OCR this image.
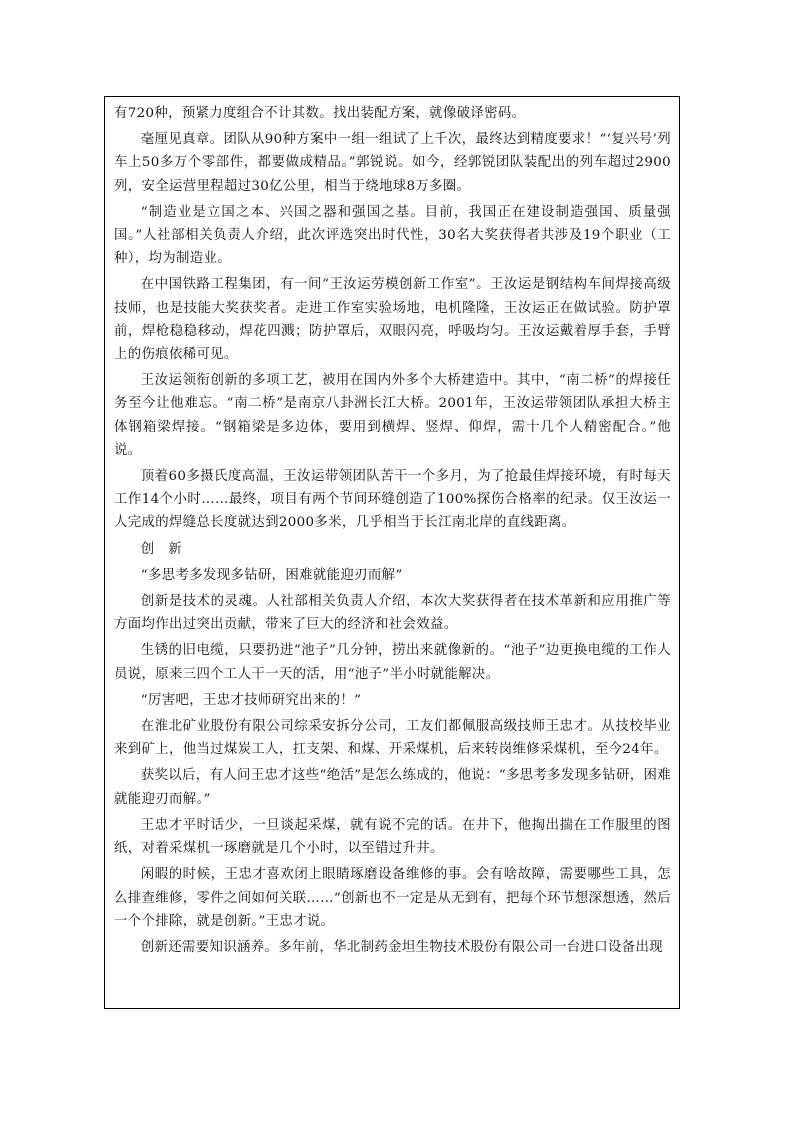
有720种，预紧力度组合不计其数。找出装配方案，就像破译密码。

毫厘见真章。团队从90种方案中一组一组试了上千次，最终达到精度要求！“‘复兴号’列车上50多万个零部件，都要做成精品。”郭锐说。如今，经郭锐团队装配出的列车超过2900列，安全运营里程超过30亿公里，相当于绕地球8万多圈。

“制造业是立国之本、兴国之器和强国之基。目前，我国正在建设制造强国、质量强国。”人社部相关负责人介绍，此次评选突出时代性，30名大奖获得者共涉及19个职业（工种），均为制造业。

在中国铁路工程集团，有一间“王汝运劳模创新工作室”。王汝运是钢结构车间焊接高级技师，也是技能大奖获奖者。走进工作室实验场地，电机隆隆，王汝运正在做试验。防护罩前，焊枪稳稳移动，焊花四溅；防护罩后，双眼闪亮，呼吸均匀。王汝运戴着厚手套，手臂上的伤痕依稀可见。

王汝运领衔创新的多项工艺，被用在国内外多个大桥建造中。其中，“南二桥”的焊接任务至今让他难忘。“南二桥”是南京八卦洲长江大桥。2001年，王汝运带领团队承担大桥主体钢箱梁焊接。“钢箱梁是多边体，要用到横焊、竖焊、仰焊，需十几个人精密配合。”他说。

顶着60多摄氏度高温，王汝运带领团队苦干一个多月，为了抢最佳焊接环境，有时每天工作14个小时……最终，项目有两个节间环缝创造了100%探伤合格率的纪录。仅王汝运一人完成的焊缝总长度就达到2000多米，几乎相当于长江南北岸的直线距离。

创　新

“多思考多发现多钻研，困难就能迎刃而解”

创新是技术的灵魂。人社部相关负责人介绍，本次大奖获得者在技术革新和应用推广等方面均作出过突出贡献，带来了巨大的经济和社会效益。

生锈的旧电缆，只要扔进“池子”几分钟，捞出来就像新的。“池子”边更换电缆的工作人员说，原来三四个工人干一天的活，用“池子”半小时就能解决。

“厉害吧，王忠才技师研究出来的！”

在淮北矿业股份有限公司综采安拆分公司，工友们都佩服高级技师王忠才。从技校毕业来到矿上，他当过煤炭工人，扛支架、和煤、开采煤机，后来转岗维修采煤机，至今24年。

获奖以后，有人问王忠才这些“绝活”是怎么练成的，他说：“多思考多发现多钻研，困难就能迎刃而解。”

王忠才平时话少，一旦谈起采煤，就有说不完的话。在井下，他掏出揣在工作服里的图纸，对着采煤机一琢磨就是几个小时，以至错过升井。

闲暇的时候，王忠才喜欢闭上眼睛琢磨设备维修的事。会有啥故障，需要哪些工具，怎么排查维修，零件之间如何关联……“创新也不一定是从无到有，把每个环节想深想透，然后一个个排除，就是创新。”王忠才说。

创新还需要知识涵养。多年前，华北制药金坦生物技术股份有限公司一台进口设备出现
